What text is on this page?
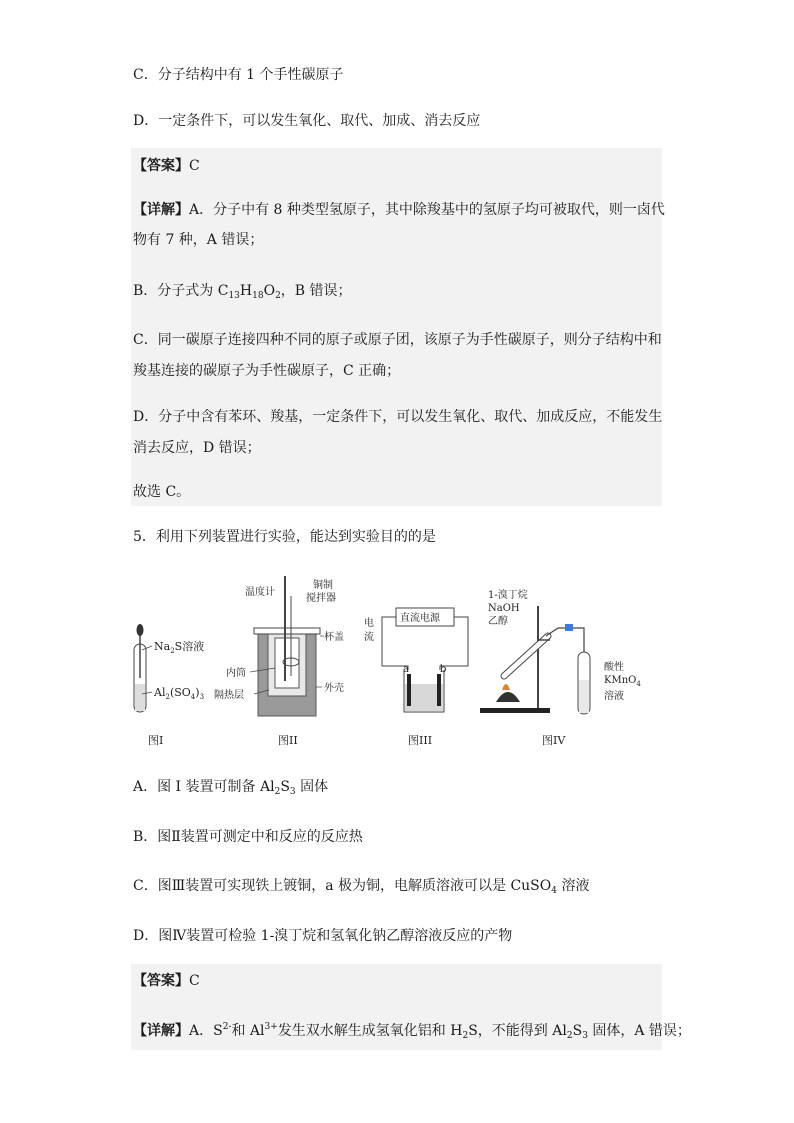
C．分子结构中有 1 个手性碳原子
D．一定条件下，可以发生氧化、取代、加成、消去反应
【答案】C
【详解】A．分子中有 8 种类型氢原子，其中除羧基中的氢原子均可被取代，则一卤代
物有 7 种，A 错误；
B．分子式为 $C_{13}H_{18}O_2$，B 错误；
C．同一碳原子连接四种不同的原子或原子团，该原子为手性碳原子，则分子结构中和
羧基连接的碳原子为手性碳原子，C 正确；
D．分子中含有苯环、羧基，一定条件下，可以发生氧化、取代、加成反应，不能发生
消去反应，D 错误；
故选 C。
5．利用下列装置进行实验，能达到实验目的的是
$Na_2S$溶液
$Al_2(SO_4)_3$
图I
温度计
铜制
搅拌器
杯盖
内筒
隔热层
外壳
图II
直流电源
电
流
a	b
图III
1-溴丁烷
NaOH
乙醇
酸性
KMnO$_4$
溶液
图IV
A．图 I 装置可制备 $Al_2S_3$ 固体
B．图Ⅱ装置可测定中和反应的反应热
C．图Ⅲ装置可实现铁上镀铜，a 极为铜，电解质溶液可以是 CuSO$_4$ 溶液
D．图Ⅳ装置可检验 1-溴丁烷和氢氧化钠乙醇溶液反应的产物
【答案】C
【详解】A．$S^{2-}$和 $Al^{3+}$发生双水解生成氢氧化铝和 $H_2S$，不能得到 $Al_2S_3$ 固体，A 错误；
